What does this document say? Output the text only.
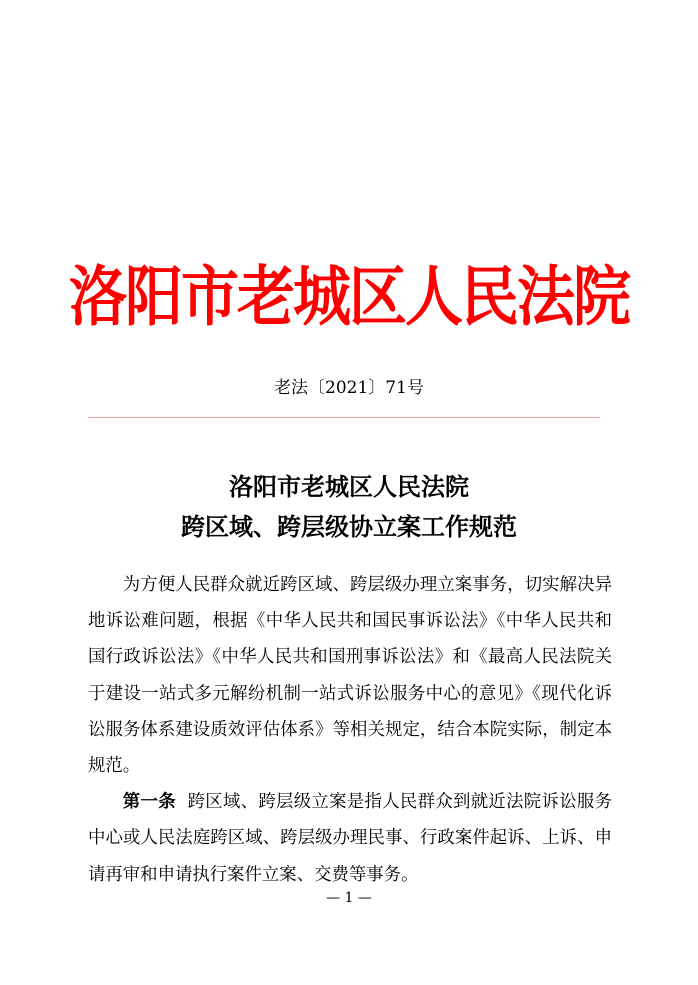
洛阳市老城区人民法院
老法〔2021〕71号
洛阳市老城区人民法院
跨区域、跨层级协立案工作规范

为方便人民群众就近跨区域、跨层级办理立案事务，切实解决异地诉讼难问题，根据《中华人民共和国民事诉讼法》《中华人民共和国行政诉讼法》《中华人民共和国刑事诉讼法》和《最高人民法院关于建设一站式多元解纷机制一站式诉讼服务中心的意见》《现代化诉讼服务体系建设质效评估体系》等相关规定，结合本院实际，制定本规范。

第一条 跨区域、跨层级立案是指人民群众到就近法院诉讼服务中心或人民法庭跨区域、跨层级办理民事、行政案件起诉、上诉、申请再审和申请执行案件立案、交费等事务。

— 1 —
